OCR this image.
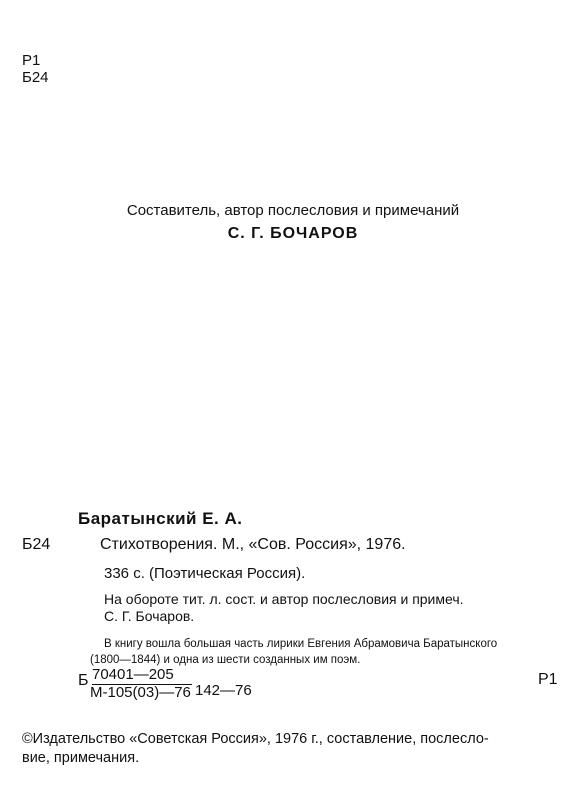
Р1
Б24
Составитель, автор послесловия и примечаний
С. Г. БОЧАРОВ
Баратынский Е. А.
Б24	Стихотворения. М., «Сов. Россия», 1976.
336 с. (Поэтическая Россия).
На обороте тит. л. сост. и автор послесловия и примеч.
С. Г. Бочаров.
В книгу вошла большая часть лирики Евгения Абрамовича Баратынского
(1800—1844) и одна из шести созданных им поэм.
Б 70401—205
М-105(03)—76 142—76
Р1
©Издательство «Советская Россия», 1976 г., составление, послесло-
вие, примечания.
